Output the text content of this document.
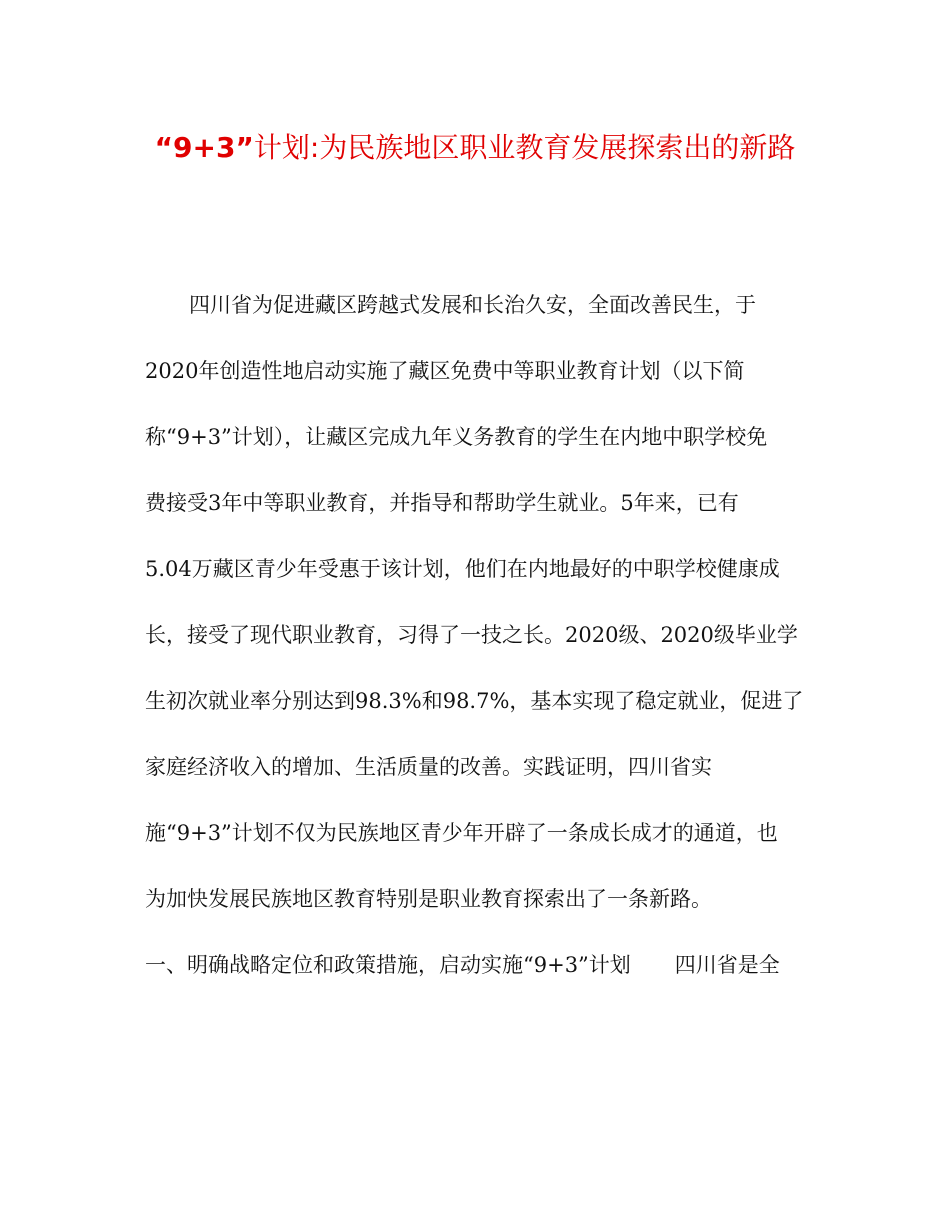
“9+3”计划:为民族地区职业教育发展探索出的新路
四川省为促进藏区跨越式发展和长治久安，全面改善民生，于
2020年创造性地启动实施了藏区免费中等职业教育计划（以下简
称“9+3”计划），让藏区完成九年义务教育的学生在内地中职学校免
费接受3年中等职业教育，并指导和帮助学生就业。5年来，已有
5.04万藏区青少年受惠于该计划，他们在内地最好的中职学校健康成
长，接受了现代职业教育，习得了一技之长。2020级、2020级毕业学
生初次就业率分别达到98.3%和98.7%，基本实现了稳定就业，促进了
家庭经济收入的增加、生活质量的改善。实践证明，四川省实
施“9+3”计划不仅为民族地区青少年开辟了一条成长成才的通道，也
为加快发展民族地区教育特别是职业教育探索出了一条新路。
一、明确战略定位和政策措施，启动实施“9+3”计划 四川省是全
